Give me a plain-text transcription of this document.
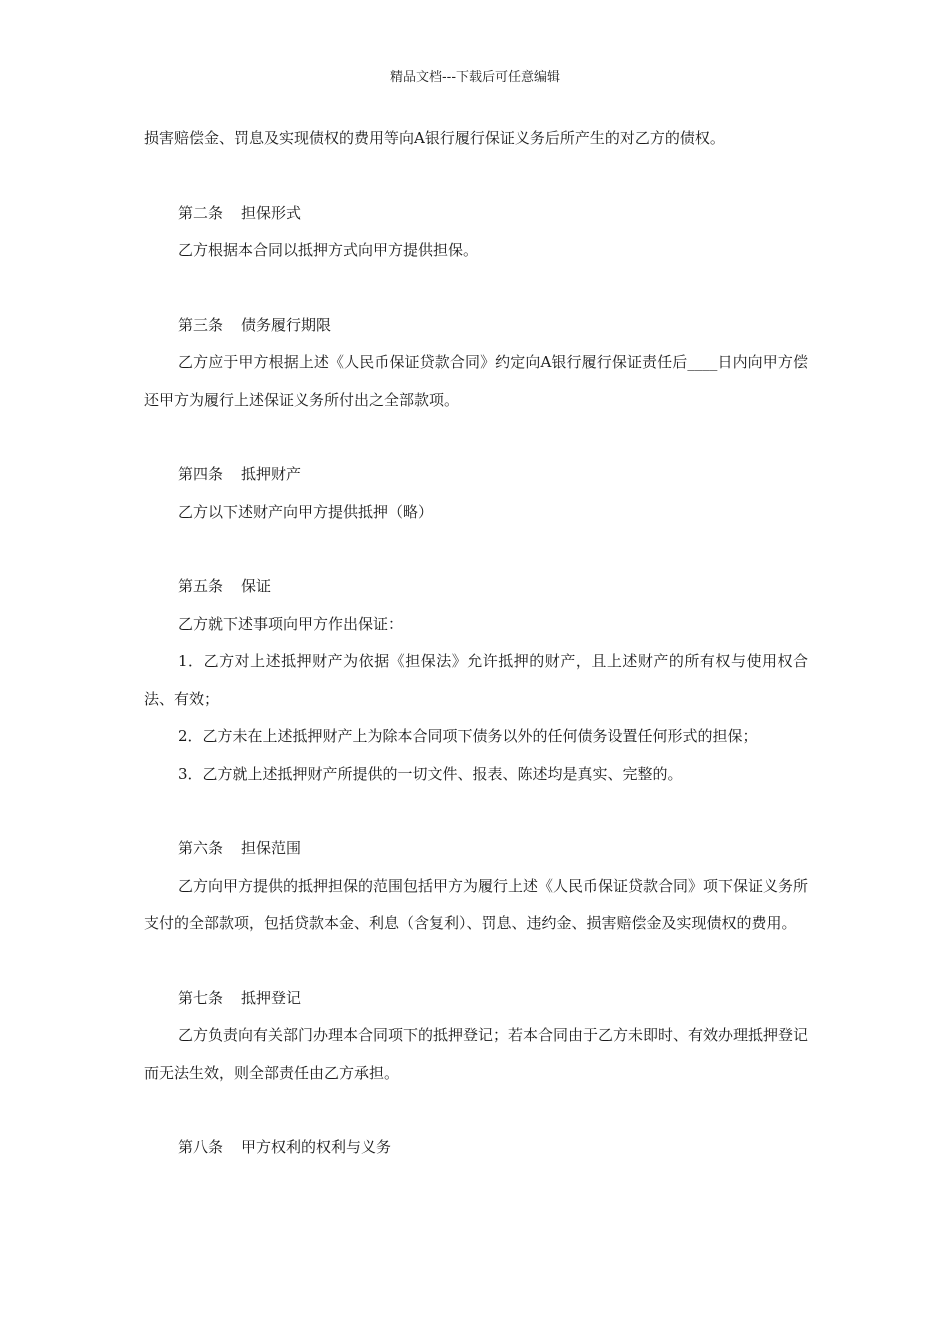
精品文档---下载后可任意编辑

损害赔偿金、罚息及实现债权的费用等向A银行履行保证义务后所产生的对乙方的债权。

第二条 担保形式

乙方根据本合同以抵押方式向甲方提供担保。

第三条 债务履行期限

乙方应于甲方根据上述《人民币保证贷款合同》约定向A银行履行保证责任后____日内向甲方偿还甲方为履行上述保证义务所付出之全部款项。

第四条 抵押财产

乙方以下述财产向甲方提供抵押（略）

第五条 保证

乙方就下述事项向甲方作出保证：

1．乙方对上述抵押财产为依据《担保法》允许抵押的财产，且上述财产的所有权与使用权合法、有效；

2．乙方未在上述抵押财产上为除本合同项下债务以外的任何债务设置任何形式的担保；

3．乙方就上述抵押财产所提供的一切文件、报表、陈述均是真实、完整的。

第六条 担保范围

乙方向甲方提供的抵押担保的范围包括甲方为履行上述《人民币保证贷款合同》项下保证义务所支付的全部款项，包括贷款本金、利息（含复利）、罚息、违约金、损害赔偿金及实现债权的费用。

第七条 抵押登记

乙方负责向有关部门办理本合同项下的抵押登记；若本合同由于乙方未即时、有效办理抵押登记而无法生效，则全部责任由乙方承担。

第八条 甲方权利的权利与义务
